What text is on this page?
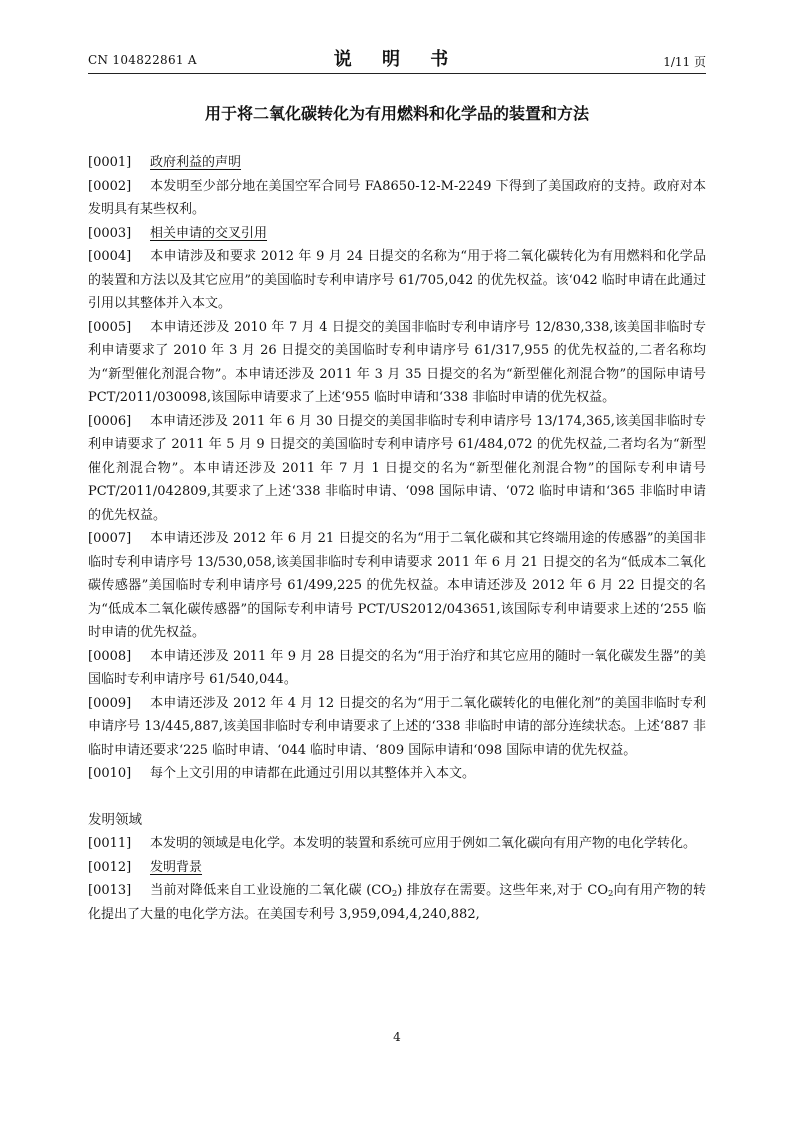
CN 104822861 A	说 明 书	1/11 页
用于将二氧化碳转化为有用燃料和化学品的装置和方法

[0001] 政府利益的声明

[0002] 本发明至少部分地在美国空军合同号 FA8650-12-M-2249 下得到了美国政府的支持。政府对本发明具有某些权利。

[0003] 相关申请的交叉引用

[0004] 本申请涉及和要求 2012 年 9 月 24 日提交的名称为“用于将二氧化碳转化为有用燃料和化学品的装置和方法以及其它应用”的美国临时专利申请序号 61/705,042 的优先权益。该‘042 临时申请在此通过引用以其整体并入本文。

[0005] 本申请还涉及 2010 年 7 月 4 日提交的美国非临时专利申请序号 12/830,338,该美国非临时专利申请要求了 2010 年 3 月 26 日提交的美国临时专利申请序号 61/317,955 的优先权益的,二者名称均为“新型催化剂混合物”。本申请还涉及 2011 年 3 月 35 日提交的名为“新型催化剂混合物”的国际申请号 PCT/2011/030098,该国际申请要求了上述‘955 临时申请和‘338 非临时申请的优先权益。

[0006] 本申请还涉及 2011 年 6 月 30 日提交的美国非临时专利申请序号 13/174,365,该美国非临时专利申请要求了 2011 年 5 月 9 日提交的美国临时专利申请序号 61/484,072 的优先权益,二者均名为“新型催化剂混合物”。本申请还涉及 2011 年 7 月 1 日提交的名为“新型催化剂混合物”的国际专利申请号 PCT/2011/042809,其要求了上述‘338 非临时申请、‘098 国际申请、‘072 临时申请和‘365 非临时申请的优先权益。

[0007] 本申请还涉及 2012 年 6 月 21 日提交的名为“用于二氧化碳和其它终端用途的传感器”的美国非临时专利申请序号 13/530,058,该美国非临时专利申请要求 2011 年 6 月 21 日提交的名为“低成本二氧化碳传感器”美国临时专利申请序号 61/499,225 的优先权益。本申请还涉及 2012 年 6 月 22 日提交的名为“低成本二氧化碳传感器”的国际专利申请号 PCT/US2012/043651,该国际专利申请要求上述的‘255 临时申请的优先权益。

[0008] 本申请还涉及 2011 年 9 月 28 日提交的名为“用于治疗和其它应用的随时一氧化碳发生器”的美国临时专利申请序号 61/540,044。

[0009] 本申请还涉及 2012 年 4 月 12 日提交的名为“用于二氧化碳转化的电催化剂”的美国非临时专利申请序号 13/445,887,该美国非临时专利申请要求了上述的‘338 非临时申请的部分连续状态。上述‘887 非临时申请还要求‘225 临时申请、‘044 临时申请、‘809 国际申请和‘098 国际申请的优先权益。

[0010] 每个上文引用的申请都在此通过引用以其整体并入本文。

发明领域

[0011] 本发明的领域是电化学。本发明的装置和系统可应用于例如二氧化碳向有用产物的电化学转化。

[0012] 发明背景

[0013] 当前对降低来自工业设施的二氧化碳 $(CO_2)$ 排放存在需要。这些年来,对于 $CO_2$向有用产物的转化提出了大量的电化学方法。在美国专利号 3,959,094,4,240,882,

4
